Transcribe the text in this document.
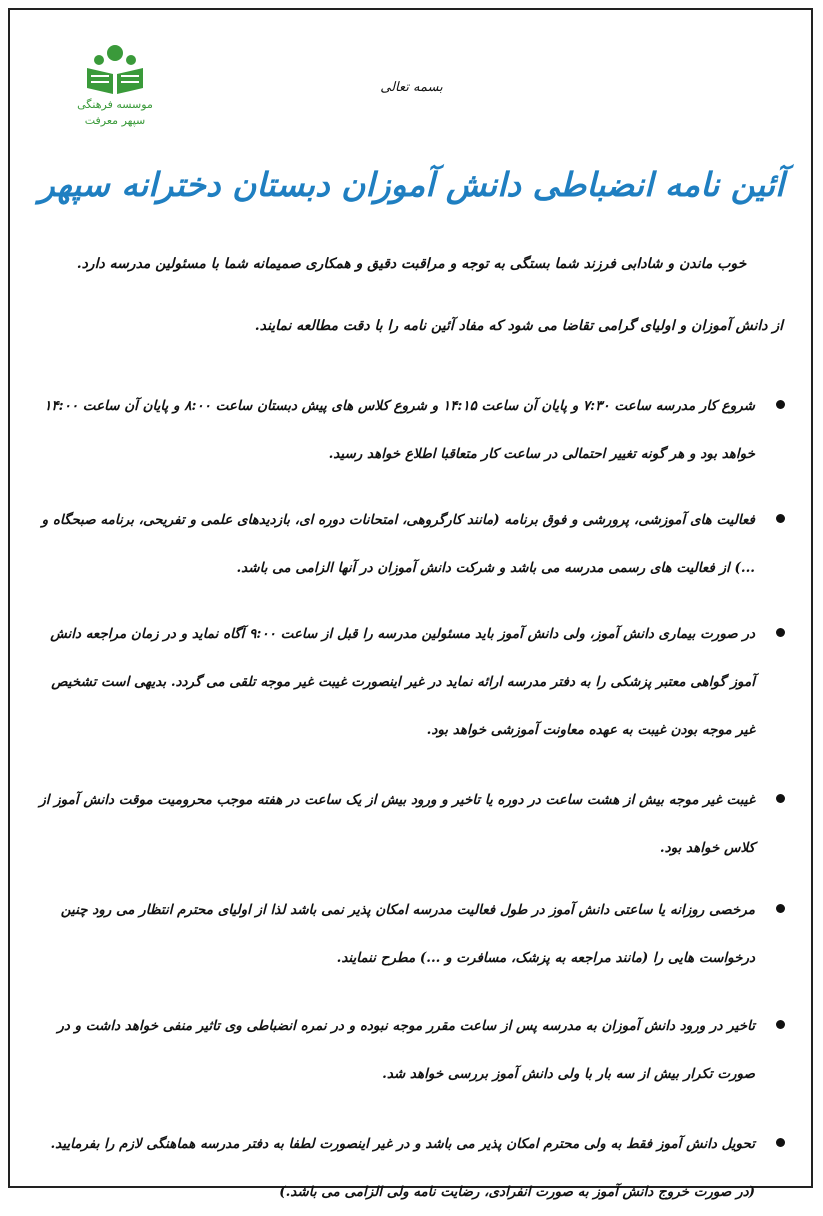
موسسه فرهنگی
سپهر معرفت
بسمه تعالی
آئین نامه انضباطی دانش آموزان دبستان دخترانه سپهر
خوب ماندن و شادابی فرزند شما بستگی به توجه و مراقبت دقیق و همکاری صمیمانه شما با مسئولین مدرسه دارد.
از دانش آموزان و اولیای گرامی تقاضا می شود که مفاد آئین نامه را با دقت مطالعه نمایند.
شروع کار مدرسه ساعت ۷:۳۰ و پایان آن ساعت ۱۴:۱۵ و شروع کلاس های پیش دبستان ساعت ۸:۰۰ و پایان آن ساعت ۱۴:۰۰ خواهد بود و هر گونه تغییر احتمالی در ساعت کار متعاقبا اطلاع خواهد رسید.
فعالیت های آموزشی، پرورشی و فوق برنامه (مانند کارگروهی، امتحانات دوره ای، بازدیدهای علمی و تفریحی، برنامه صبحگاه و ...) از فعالیت های رسمی مدرسه می باشد و شرکت دانش آموزان در آنها الزامی می باشد.
در صورت بیماری دانش آموز، ولی دانش آموز باید مسئولین مدرسه را قبل از ساعت ۹:۰۰ آگاه نماید و در زمان مراجعه دانش آموز گواهی معتبر پزشکی را به دفتر مدرسه ارائه نماید در غیر اینصورت غیبت غیر موجه تلقی می گردد. بدیهی است تشخیص غیر موجه بودن غیبت به عهده معاونت آموزشی خواهد بود.
غیبت غیر موجه بیش از هشت ساعت در دوره یا تاخیر و ورود بیش از یک ساعت در هفته موجب محرومیت موقت دانش آموز از کلاس خواهد بود.
مرخصی روزانه یا ساعتی دانش آموز در طول فعالیت مدرسه امکان پذیر نمی باشد لذا از اولیای محترم انتظار می رود چنین درخواست هایی را (مانند مراجعه به پزشک، مسافرت و ...) مطرح ننمایند.
تاخیر در ورود دانش آموزان به مدرسه پس از ساعت مقرر موجه نبوده و در نمره انضباطی وی تاثیر منفی خواهد داشت و در صورت تکرار بیش از سه بار با ولی دانش آموز بررسی خواهد شد.
تحویل دانش آموز فقط به ولی محترم امکان پذیر می باشد و در غیر اینصورت لطفا به دفتر مدرسه هماهنگی لازم را بفرمایید. (در صورت خروج دانش آموز به صورت انفرادی، رضایت نامه ولی الزامی می باشد.)
